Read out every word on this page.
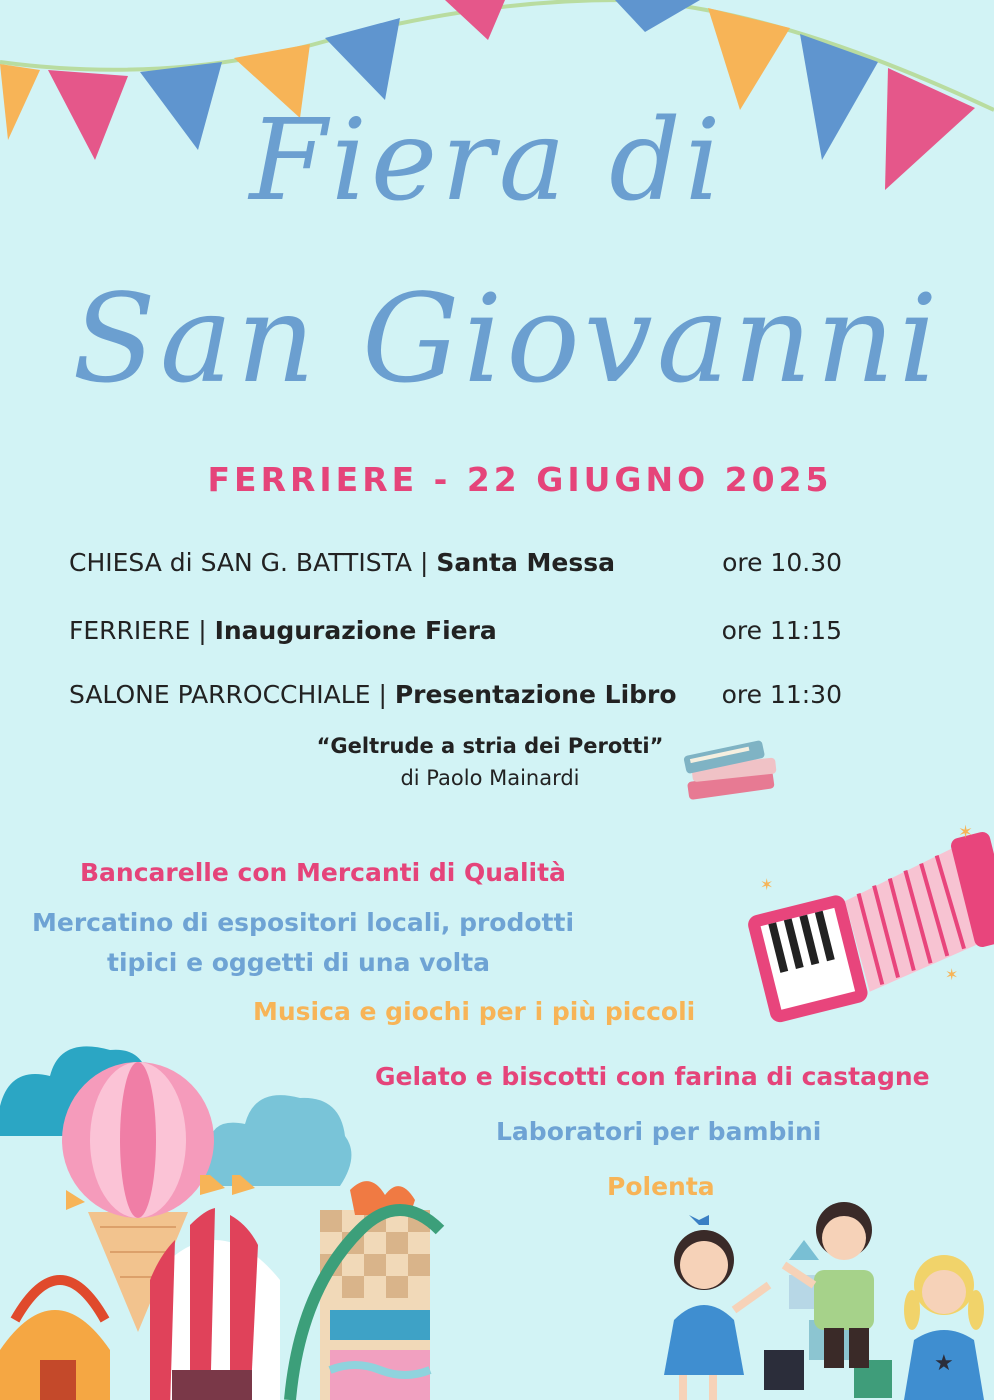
Fiera di
San Giovanni
FERRIERE - 22 GIUGNO 2025
CHIESA di SAN G. BATTISTA | Santa Messa	ore 10.30
FERRIERE | Inaugurazione Fiera	ore 11:15
SALONE PARROCCHIALE | Presentazione Libro ore 11:30
“Geltrude a stria dei Perotti”
di Paolo Mainardi
✶
✶
✶
Bancarelle con Mercanti di Qualità
Mercatino di espositori locali, prodotti
tipici e oggetti di una volta
Musica e giochi per i più piccoli
Gelato e biscotti con farina di castagne
Laboratori per bambini
Polenta
★
